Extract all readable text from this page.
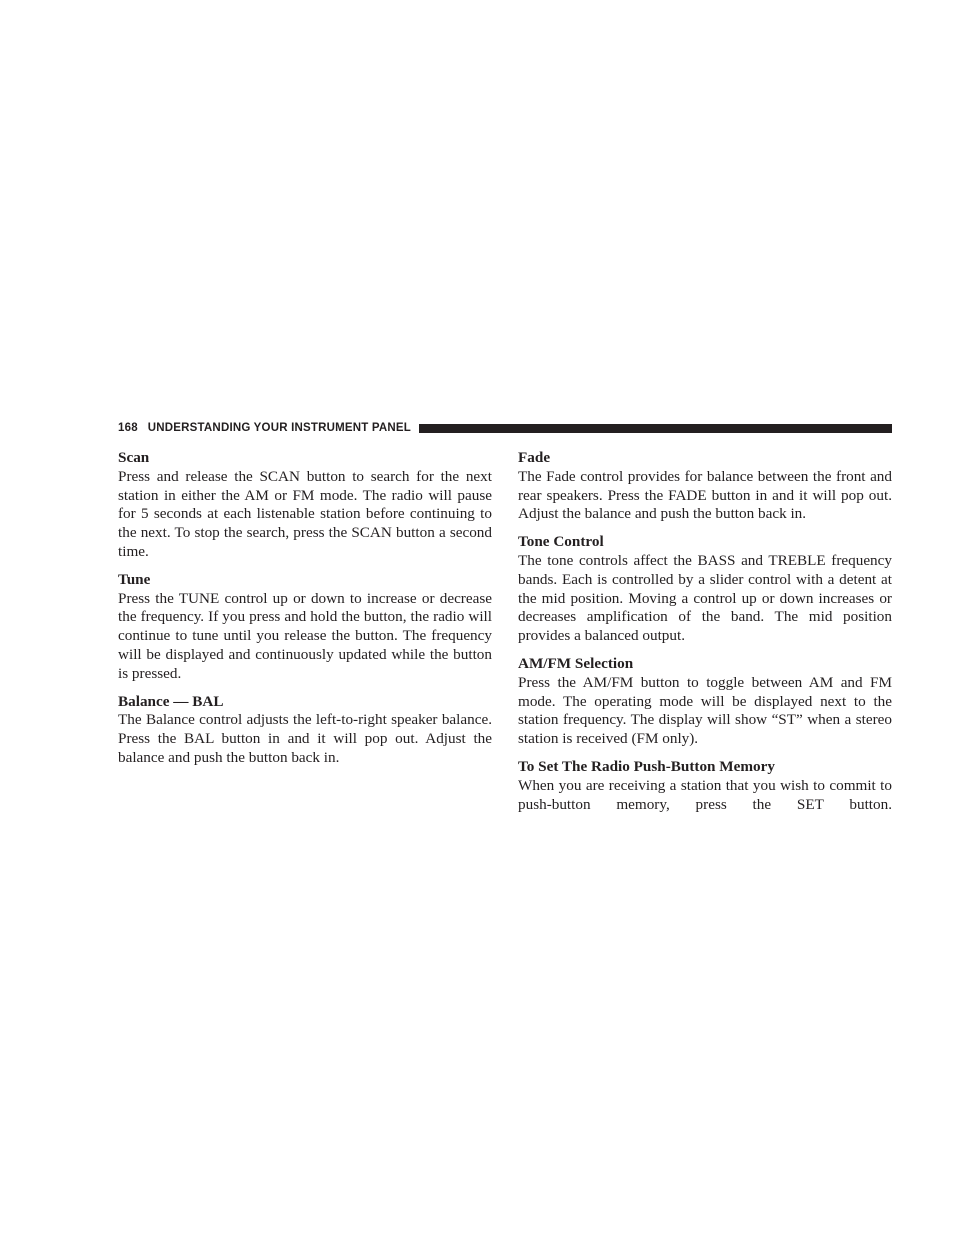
168 UNDERSTANDING YOUR INSTRUMENT PANEL
Scan

Press and release the SCAN button to search for the next station in either the AM or FM mode. The radio will pause for 5 seconds at each listenable station before continuing to the next. To stop the search, press the SCAN button a second time.

Tune

Press the TUNE control up or down to increase or decrease the frequency. If you press and hold the button, the radio will continue to tune until you release the button. The frequency will be displayed and continuously updated while the button is pressed.

Balance — BAL

The Balance control adjusts the left-to-right speaker balance. Press the BAL button in and it will pop out. Adjust the balance and push the button back in.

Fade

The Fade control provides for balance between the front and rear speakers. Press the FADE button in and it will pop out. Adjust the balance and push the button back in.

Tone Control

The tone controls affect the BASS and TREBLE frequency bands. Each is controlled by a slider control with a detent at the mid position. Moving a control up or down increases or decreases amplification of the band. The mid position provides a balanced output.

AM/FM Selection

Press the AM/FM button to toggle between AM and FM mode. The operating mode will be displayed next to the station frequency. The display will show “ST” when a stereo station is received (FM only).

To Set The Radio Push-Button Memory

When you are receiving a station that you wish to commit to push-button memory, press the SET button.
